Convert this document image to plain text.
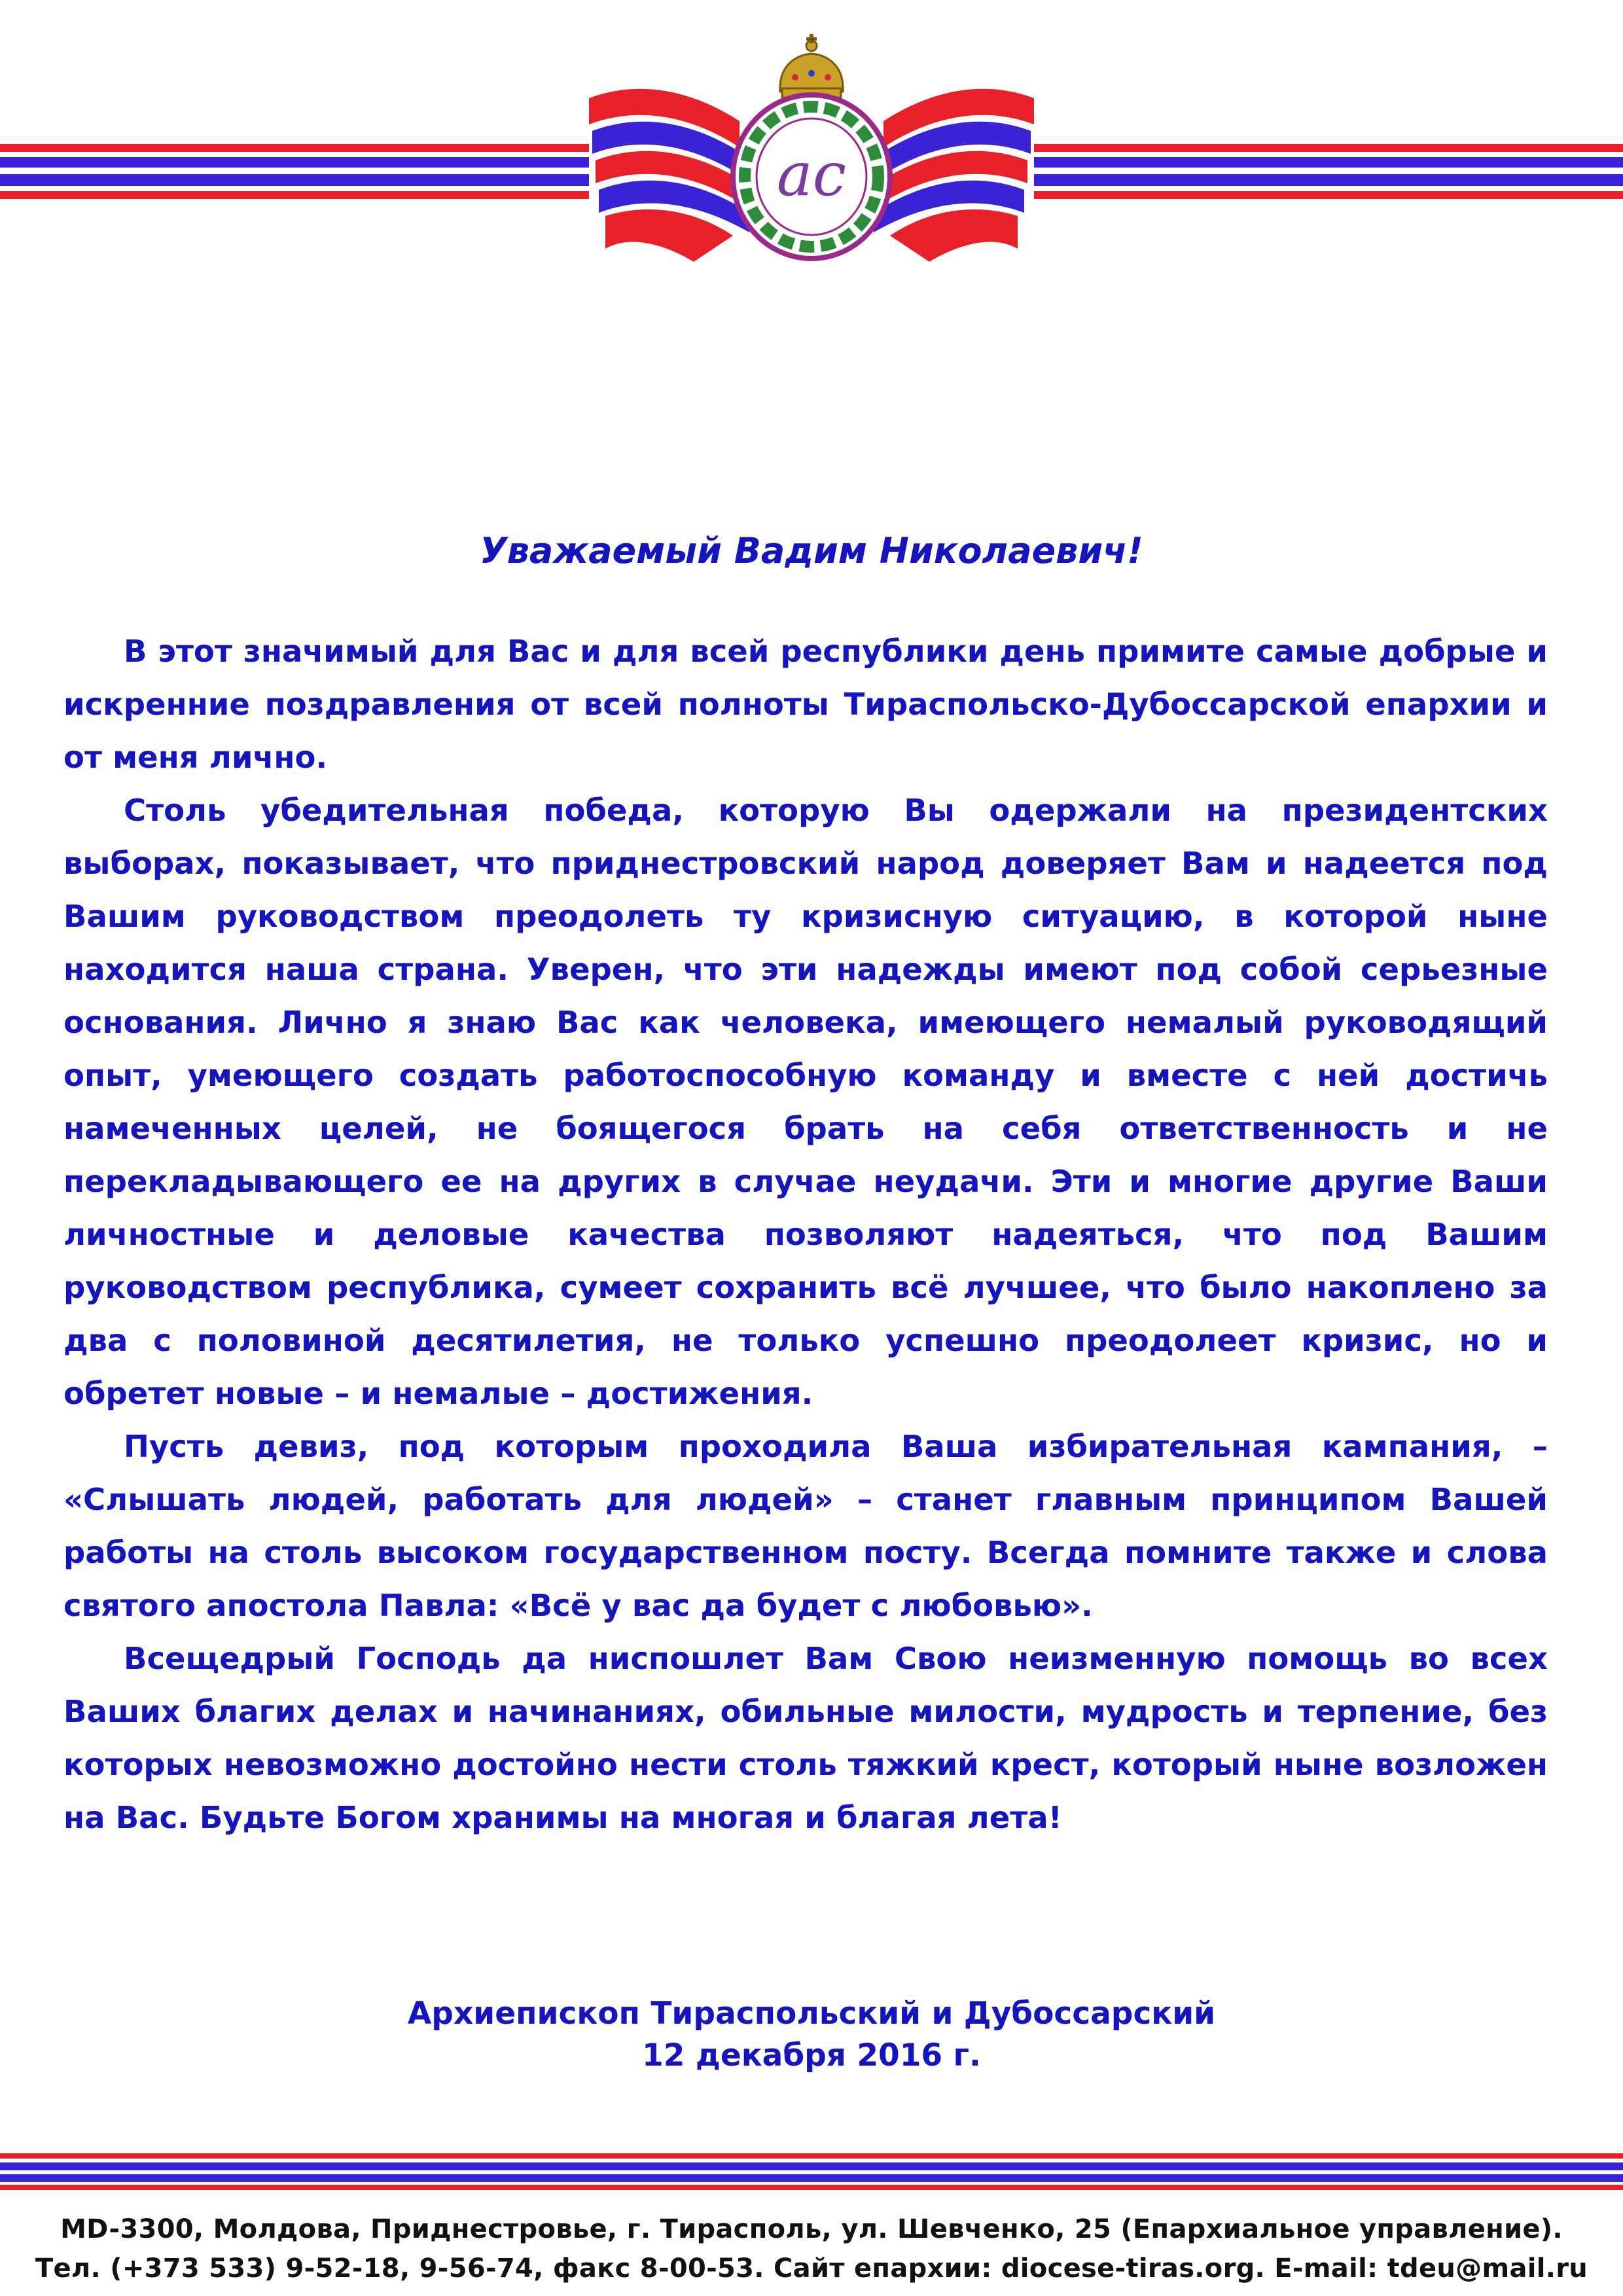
ac
Уважаемый Вадим Николаевич!

В этот значимый для Вас и для всей республики день примите самые добрые и искренние поздравления от всей полноты Тираспольско-Дубоссарской епархии и от меня лично.

Столь убедительная победа, которую Вы одержали на президентских выборах, показывает, что приднестровский народ доверяет Вам и надеется под Вашим руководством преодолеть ту кризисную ситуацию, в которой ныне находится наша страна. Уверен, что эти надежды имеют под собой серьезные основания. Лично я знаю Вас как человека, имеющего немалый руководящий опыт, умеющего создать работоспособную команду и вместе с ней достичь намеченных целей, не боящегося брать на себя ответственность и не перекладывающего ее на других в случае неудачи. Эти и многие другие Ваши личностные и деловые качества позволяют надеяться, что под Вашим руководством республика, сумеет сохранить всё лучшее, что было накоплено за два с половиной десятилетия, не только успешно преодолеет кризис, но и обретет новые – и немалые – достижения.

Пусть девиз, под которым проходила Ваша избирательная кампания, – «Слышать людей, работать для людей» – станет главным принципом Вашей работы на столь высоком государственном посту. Всегда помните также и слова святого апостола Павла: «Всё у вас да будет с любовью».

Всещедрый Господь да ниспошлет Вам Свою неизменную помощь во всех Ваших благих делах и начинаниях, обильные милости, мудрость и терпение, без которых невозможно достойно нести столь тяжкий крест, который ныне возложен на Вас. Будьте Богом хранимы на многая и благая лета!

Архиепископ Тираспольский и Дубоссарский
12 декабря 2016 г.
MD-3300, Молдова, Приднестровье, г. Тирасполь, ул. Шевченко, 25 (Епархиальное управление).
Тел. (+373 533) 9-52-18, 9-56-74, факс 8-00-53. Сайт епархии: diocese-tiras.org. E-mail: tdeu@mail.ru
